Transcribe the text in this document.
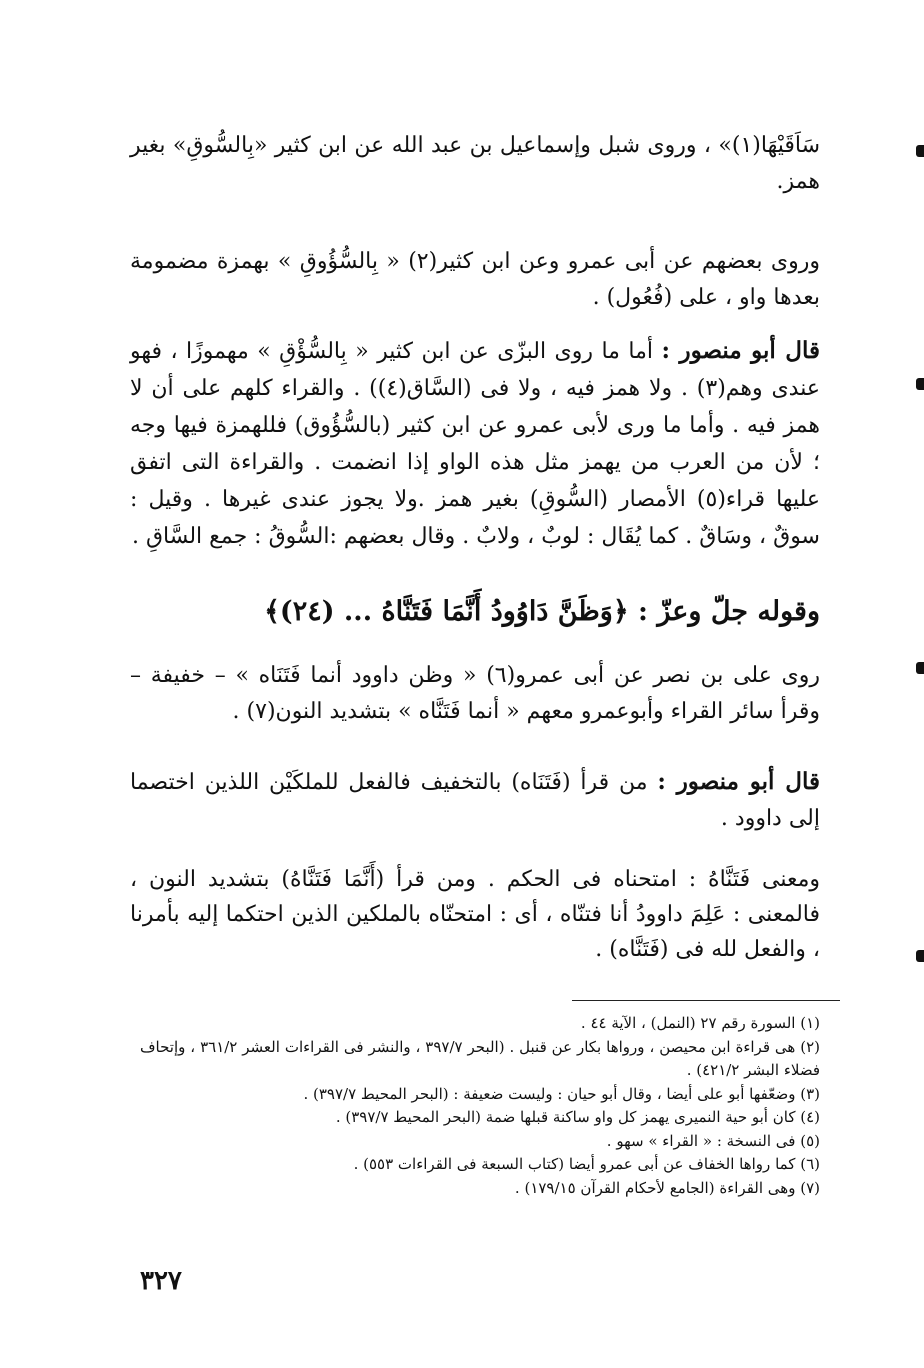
سَاَقَيْهَا(١)» ، وروى شبل وإسماعيل بن عبد الله عن ابن كثير «بِالسُّوقِ» بغير همز.

وروى بعضهم عن أبى عمرو وعن ابن كثير(٢) « بِالسُّؤُوقِ » بهمزة مضمومة بعدها واو ، على (فُعُول) .

قال أبو منصور : أما ما روى البزّى عن ابن كثير « بِالسُّؤْقِ » مهموزًا ، فهو عندى وهم(٣) . ولا همز فيه ، ولا فى (السَّاق(٤)) . والقراء كلهم على أن لا همز فيه . وأما ما ورى لأبى عمرو عن ابن كثير (بالسُّؤُوق) فللهمزة فيها وجه ؛ لأن من العرب من يهمز مثل هذه الواو إذا انضمت . والقراءة التى اتفق عليها قراء(٥) الأمصار (السُّوقِ) بغير همز .ولا يجوز عندى غيرها . وقيل : سوقٌ ، وسَاقٌ . كما يُقَال : لوبٌ ، ولابٌ . وقال بعضهم :السُّوقُ : جمع السَّاقِ .

وقوله جلّ وعزّ : ﴿وَظَنَّ دَاوُودُ أَنَّمَا فَتَنَّاهُ ... (٢٤)﴾

روى على بن نصر عن أبى عمرو(٦) « وظن داوود أنما فَتَنَاه » – خفيفة – وقرأ سائر القراء وأبوعمرو معهم « أنما فَتَنَّاه » بتشديد النون(٧) .

قال أبو منصور : من قرأ (فَتَنَاه) بالتخفيف فالفعل للملكَيْن اللذين اختصما إلى داوود .

ومعنى فَتَنَّاهُ : امتحناه فى الحكم . ومن قرأ (أَنَّمَا فَتَنَّاهُ) بتشديد النون ، فالمعنى : عَلِمَ داوودُ أنا فتنّاه ، أى : امتحنّاه بالملكين الذين احتكما إليه بأمرنا ، والفعل لله فى (فَتَنَّاه) .

(١) السورة رقم ٢٧ (النمل) ، الآية ٤٤ .

(٢) هى قراءة ابن محيصن ، ورواها بكار عن قنبل . (البحر ٣٩٧/٧ ، والنشر فى القراءات العشر ٣٦١/٢ ، وإتحاف فضلاء البشر ٤٢١/٢) .

(٣) وضعّفها أبو على أيضا ، وقال أبو حيان : وليست ضعيفة : (البحر المحيط ٣٩٧/٧) .

(٤) كان أبو حية النميرى يهمز كل واو ساكنة قبلها ضمة (البحر المحيط ٣٩٧/٧) .

(٥) فى النسخة : « القراء » سهو .

(٦) كما رواها الخفاف عن أبى عمرو أيضا (كتاب السبعة فى القراءات ٥٥٣) .

(٧) وهى القراءة (الجامع لأحكام القرآن ١٧٩/١٥) .

٣٢٧
